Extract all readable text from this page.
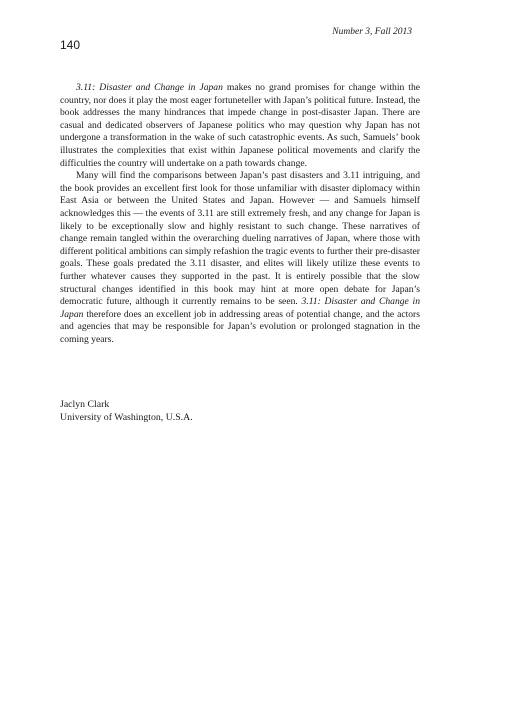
Number 3, Fall 2013
140

3.11: Disaster and Change in Japan makes no grand promises for change within the country, nor does it play the most eager fortuneteller with Japan’s political future. Instead, the book addresses the many hindrances that impede change in post-disaster Japan. There are casual and dedicated observers of Japanese politics who may question why Japan has not undergone a transformation in the wake of such catastrophic events. As such, Samuels’ book illustrates the complexities that exist within Japanese political movements and clarify the difficulties the country will undertake on a path towards change.

Many will find the comparisons between Japan’s past disasters and 3.11 intriguing, and the book provides an excellent first look for those unfamiliar with disaster diplomacy within East Asia or between the United States and Japan. However — and Samuels himself acknowledges this — the events of 3.11 are still extremely fresh, and any change for Japan is likely to be exceptionally slow and highly resistant to such change. These narratives of change remain tangled within the overarching dueling narratives of Japan, where those with different political ambitions can simply refashion the tragic events to further their pre-disaster goals. These goals predated the 3.11 disaster, and elites will likely utilize these events to further whatever causes they supported in the past. It is entirely possible that the slow structural changes identified in this book may hint at more open debate for Japan’s democratic future, although it currently remains to be seen. 3.11: Disaster and Change in Japan therefore does an excellent job in addressing areas of potential change, and the actors and agencies that may be responsible for Japan’s evolution or prolonged stagnation in the coming years.

Jaclyn Clark
University of Washington, U.S.A.
